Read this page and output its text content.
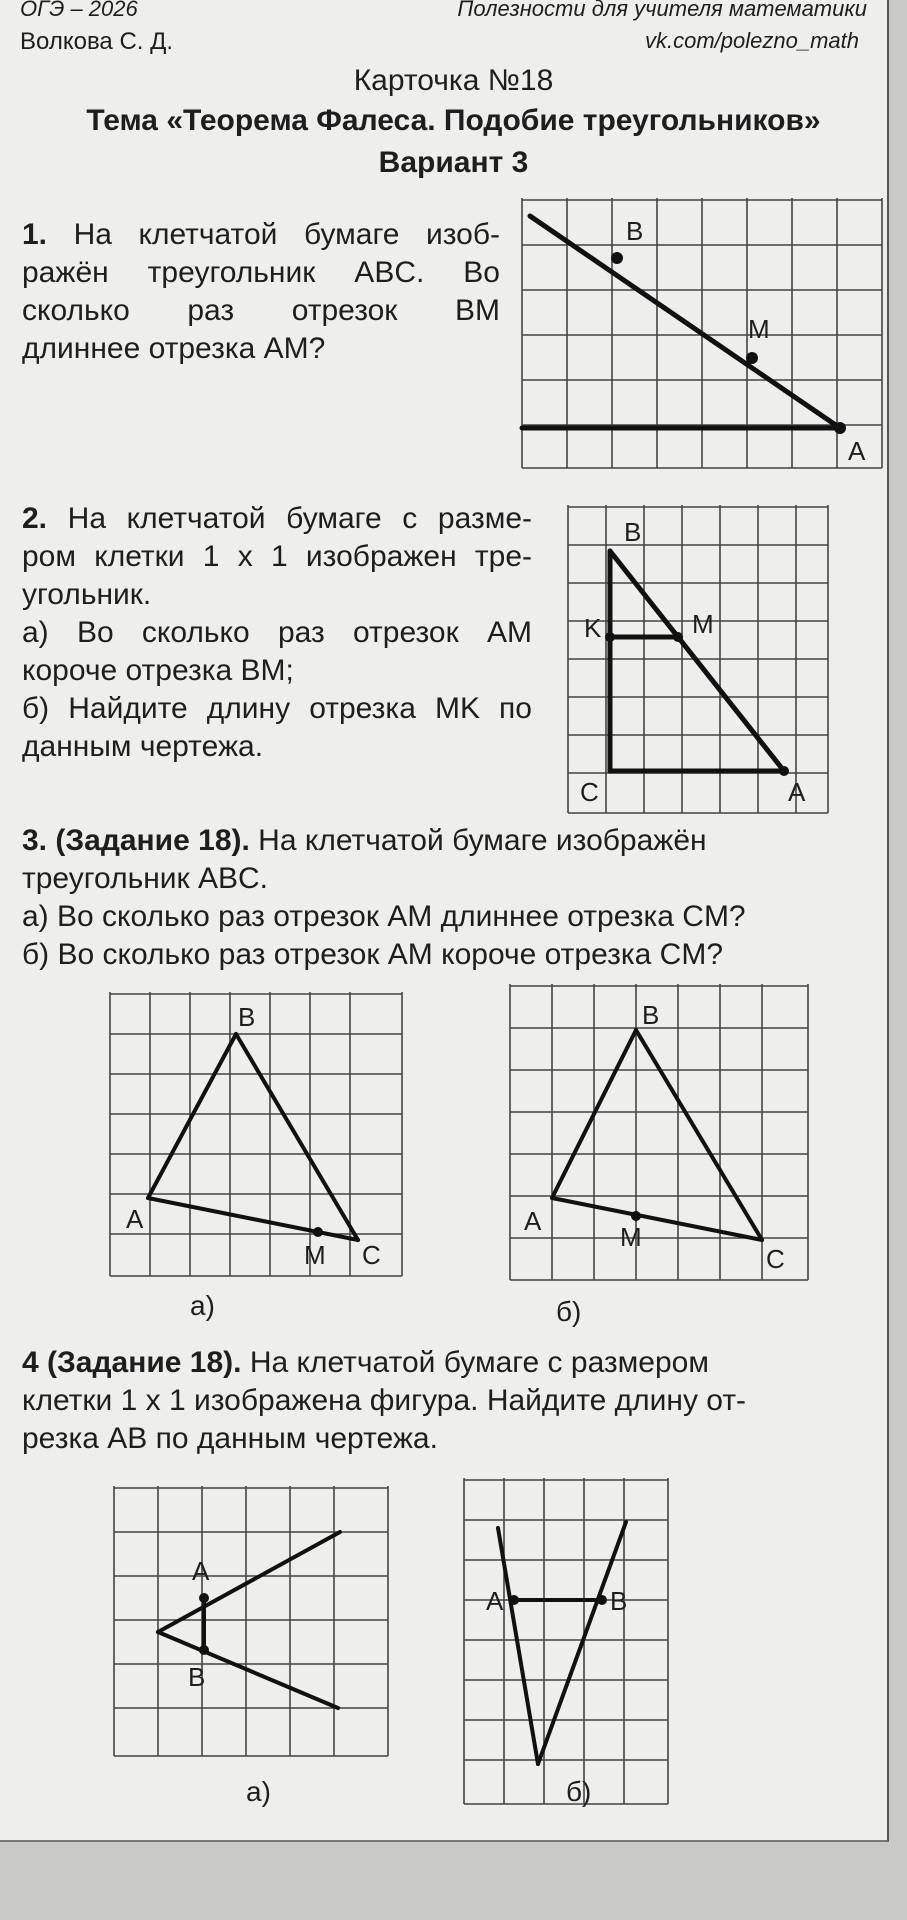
ОГЭ – 2026
Волкова С. Д.
Полезности для учителя математики
vk.com/polezno_math
Карточка №18
Тема «Теорема Фалеса. Подобие треугольников»
Вариант 3
1. На клетчатой бумаге изоб-
ражён треугольник ABC. Во
сколько раз отрезок BM
длиннее отрезка AM?
B
M
A
2. На клетчатой бумаге с разме-
ром клетки 1 х 1 изображен тре-
угольник.
а) Во сколько раз отрезок AM
короче отрезка BM;
б) Найдите длину отрезка MK по
данным чертежа.
B
K	M
C	A
3. (Задание 18). На клетчатой бумаге изображён
треугольник ABC.
а) Во сколько раз отрезок AM длиннее отрезка CM?
б) Во сколько раз отрезок AM короче отрезка CM?
B
A
M C
а)
B
A
M
C
б)
4 (Задание 18). На клетчатой бумаге с размером
клетки 1 х 1 изображена фигура. Найдите длину от-
резка AB по данным чертежа.
A
B
а)
A	B
б)
